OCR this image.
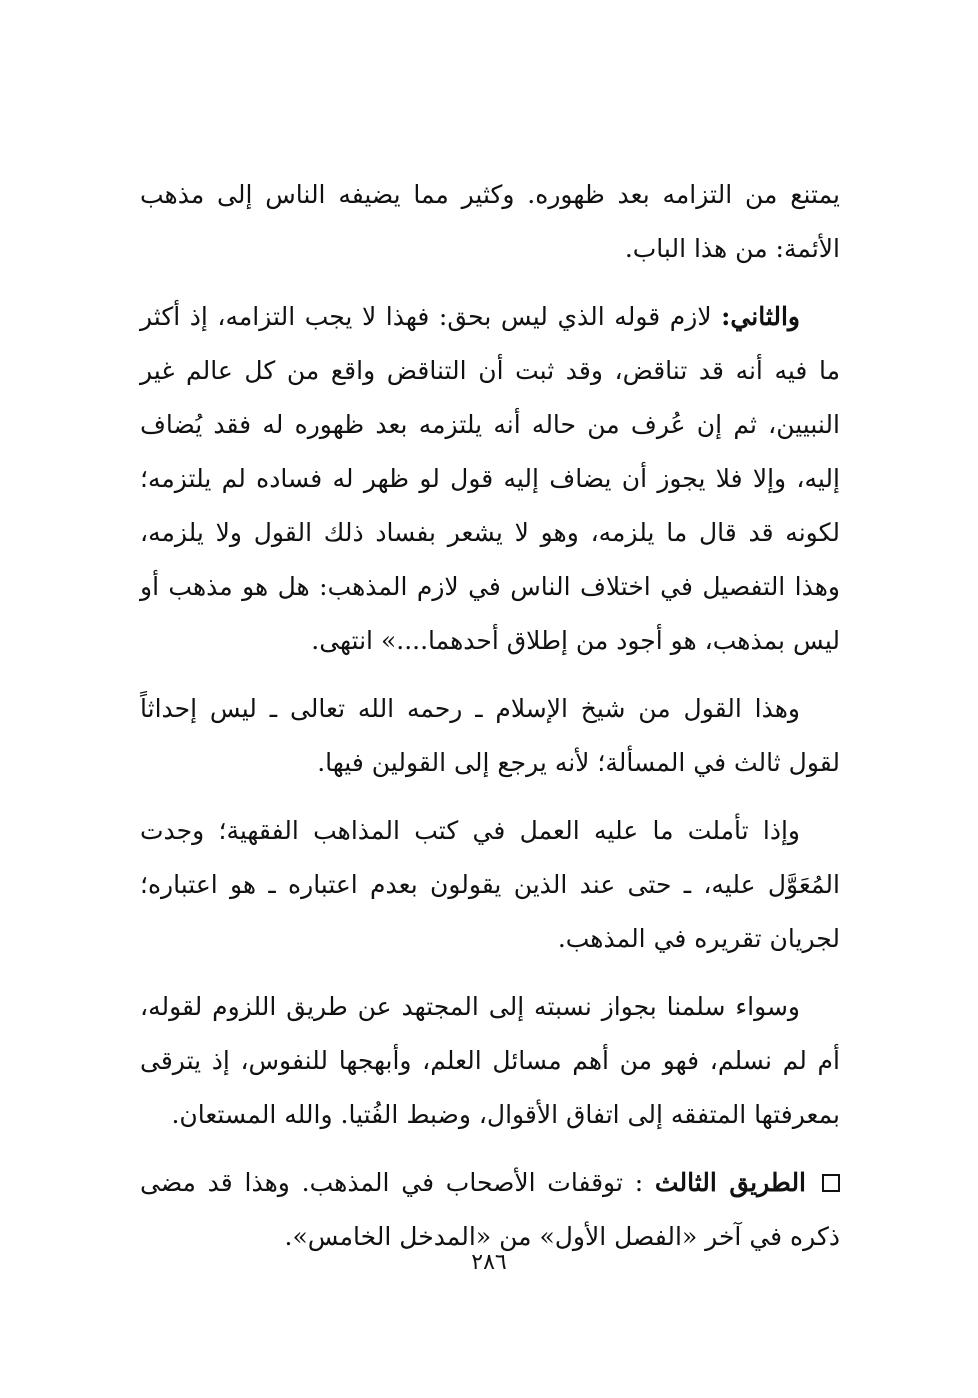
يمتنع من التزامه بعد ظهوره. وكثير مما يضيفه الناس إلى مذهب الأئمة: من هذا الباب.

والثاني: لازم قوله الذي ليس بحق: فهذا لا يجب التزامه، إذ أكثر ما فيه أنه قد تناقض، وقد ثبت أن التناقض واقع من كل عالم غير النبيين، ثم إن عُرف من حاله أنه يلتزمه بعد ظهوره له فقد يُضاف إليه، وإلا فلا يجوز أن يضاف إليه قول لو ظهر له فساده لم يلتزمه؛ لكونه قد قال ما يلزمه، وهو لا يشعر بفساد ذلك القول ولا يلزمه، وهذا التفصيل في اختلاف الناس في لازم المذهب: هل هو مذهب أو ليس بمذهب، هو أجود من إطلاق أحدهما....» انتهى.

وهذا القول من شيخ الإسلام ـ رحمه الله تعالى ـ ليس إحداثاً لقول ثالث في المسألة؛ لأنه يرجع إلى القولين فيها.

وإذا تأملت ما عليه العمل في كتب المذاهب الفقهية؛ وجدت المُعَوَّل عليه، ـ حتى عند الذين يقولون بعدم اعتباره ـ هو اعتباره؛ لجريان تقريره في المذهب.

وسواء سلمنا بجواز نسبته إلى المجتهد عن طريق اللزوم لقوله، أم لم نسلم، فهو من أهم مسائل العلم، وأبهجها للنفوس، إذ يترقى بمعرفتها المتفقه إلى اتفاق الأقوال، وضبط الفُتيا. والله المستعان.

الطريق الثالث : توقفات الأصحاب في المذهب. وهذا قد مضى ذكره في آخر «الفصل الأول» من «المدخل الخامس».

٢٨٦
